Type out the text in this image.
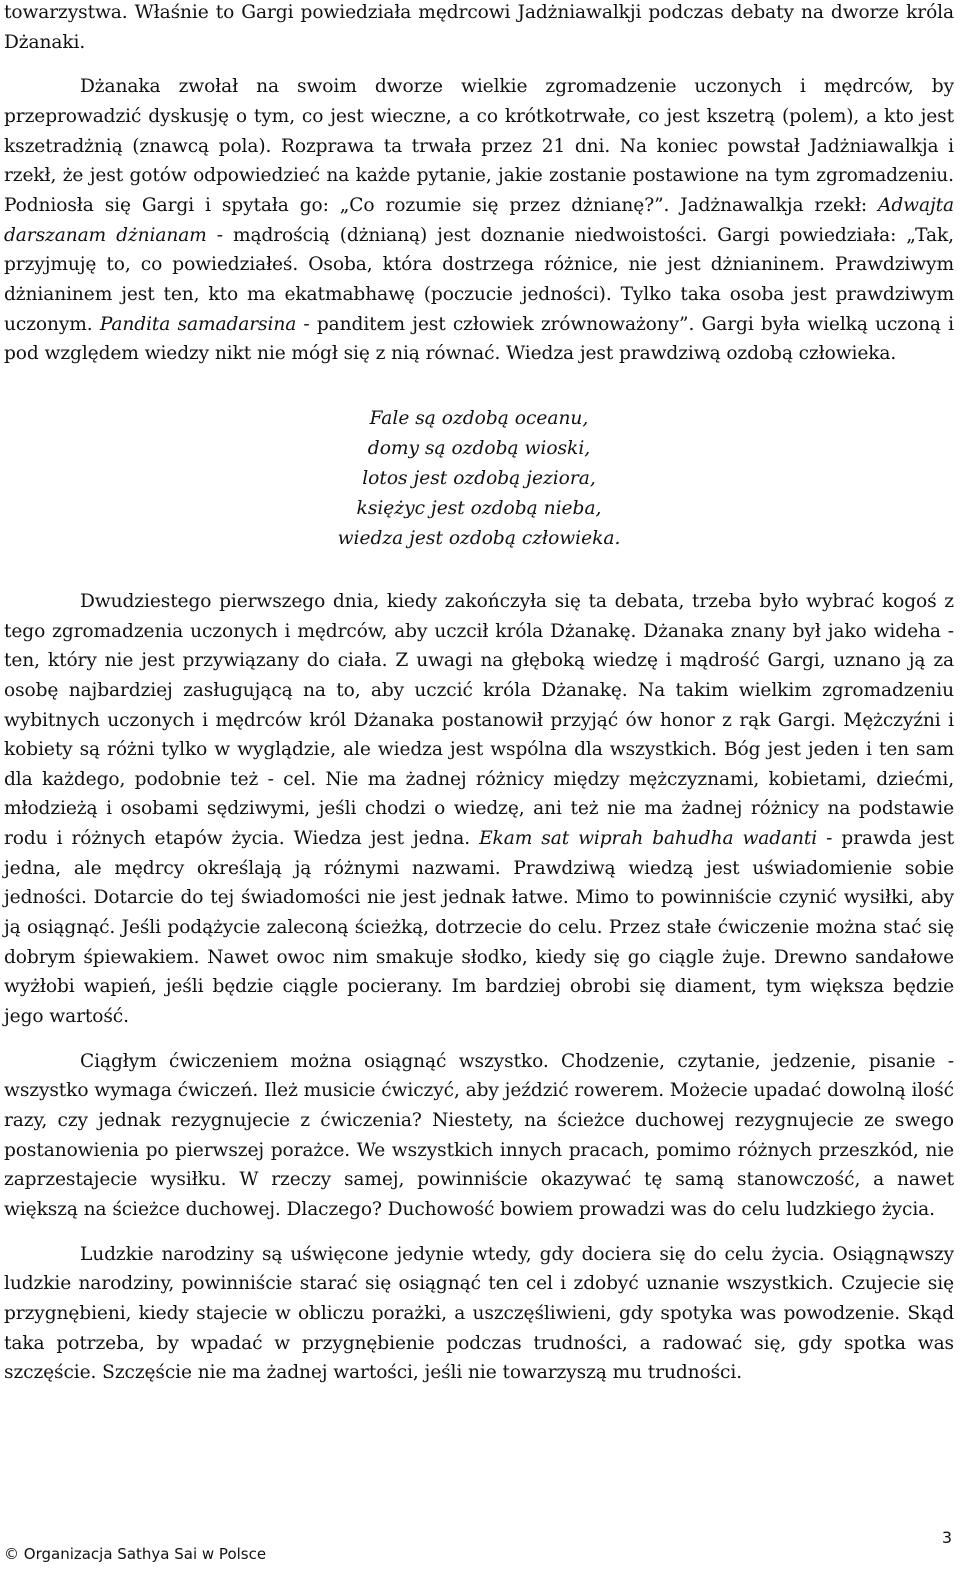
towarzystwa. Właśnie to Gargi powiedziała mędrcowi Jadżniawalkji podczas debaty na dworze króla Dżanaki.

Dżanaka zwołał na swoim dworze wielkie zgromadzenie uczonych i mędrców, by przeprowadzić dyskusję o tym, co jest wieczne, a co krótkotrwałe, co jest kszetrą (polem), a kto jest kszetradżnią (znawcą pola). Rozprawa ta trwała przez 21 dni. Na koniec powstał Jadżniawalkja i rzekł, że jest gotów odpowiedzieć na każde pytanie, jakie zostanie postawione na tym zgromadzeniu. Podniosła się Gargi i spytała go: „Co rozumie się przez dżnianę?”. Jadżnawalkja rzekł: Adwajta darszanam dżnianam - mądrością (dżnianą) jest doznanie niedwoistości. Gargi powiedziała: „Tak, przyjmuję to, co powiedziałeś. Osoba, która dostrzega różnice, nie jest dżnianinem. Prawdziwym dżnianinem jest ten, kto ma ekatmabhawę (poczucie jedności). Tylko taka osoba jest prawdziwym uczonym. Pandita samadarsina - panditem jest człowiek zrównoważony”. Gargi była wielką uczoną i pod względem wiedzy nikt nie mógł się z nią równać. Wiedza jest prawdziwą ozdobą człowieka.

Fale są ozdobą oceanu,
domy są ozdobą wioski,
lotos jest ozdobą jeziora,
księżyc jest ozdobą nieba,
wiedza jest ozdobą człowieka.

Dwudziestego pierwszego dnia, kiedy zakończyła się ta debata, trzeba było wybrać kogoś z tego zgromadzenia uczonych i mędrców, aby uczcił króla Dżanakę. Dżanaka znany był jako wideha - ten, który nie jest przywiązany do ciała. Z uwagi na głęboką wiedzę i mądrość Gargi, uznano ją za osobę najbardziej zasługującą na to, aby uczcić króla Dżanakę. Na takim wielkim zgromadzeniu wybitnych uczonych i mędrców król Dżanaka postanowił przyjąć ów honor z rąk Gargi. Mężczyźni i kobiety są różni tylko w wyglądzie, ale wiedza jest wspólna dla wszystkich. Bóg jest jeden i ten sam dla każdego, podobnie też - cel. Nie ma żadnej różnicy między mężczyznami, kobietami, dziećmi, młodzieżą i osobami sędziwymi, jeśli chodzi o wiedzę, ani też nie ma żadnej różnicy na podstawie rodu i różnych etapów życia. Wiedza jest jedna. Ekam sat wiprah bahudha wadanti - prawda jest jedna, ale mędrcy określają ją różnymi nazwami. Prawdziwą wiedzą jest uświadomienie sobie jedności. Dotarcie do tej świadomości nie jest jednak łatwe. Mimo to powinniście czynić wysiłki, aby ją osiągnąć. Jeśli podążycie zaleconą ścieżką, dotrzecie do celu. Przez stałe ćwiczenie można stać się dobrym śpiewakiem. Nawet owoc nim smakuje słodko, kiedy się go ciągle żuje. Drewno sandałowe wyżłobi wapień, jeśli będzie ciągle pocierany. Im bardziej obrobi się diament, tym większa będzie jego wartość.

Ciągłym ćwiczeniem można osiągnąć wszystko. Chodzenie, czytanie, jedzenie, pisanie - wszystko wymaga ćwiczeń. Ileż musicie ćwiczyć, aby jeździć rowerem. Możecie upadać dowolną ilość razy, czy jednak rezygnujecie z ćwiczenia? Niestety, na ścieżce duchowej rezygnujecie ze swego postanowienia po pierwszej porażce. We wszystkich innych pracach, pomimo różnych przeszkód, nie zaprzestajecie wysiłku. W rzeczy samej, powinniście okazywać tę samą stanowczość, a nawet większą na ścieżce duchowej. Dlaczego? Duchowość bowiem prowadzi was do celu ludzkiego życia.

Ludzkie narodziny są uświęcone jedynie wtedy, gdy dociera się do celu życia. Osiągnąwszy ludzkie narodziny, powinniście starać się osiągnąć ten cel i zdobyć uznanie wszystkich. Czujecie się przygnębieni, kiedy stajecie w obliczu porażki, a uszczęśliwieni, gdy spotyka was powodzenie. Skąd taka potrzeba, by wpadać w przygnębienie podczas trudności, a radować się, gdy spotka was szczęście. Szczęście nie ma żadnej wartości, jeśli nie towarzyszą mu trudności.

3
© Organizacja Sathya Sai w Polsce
